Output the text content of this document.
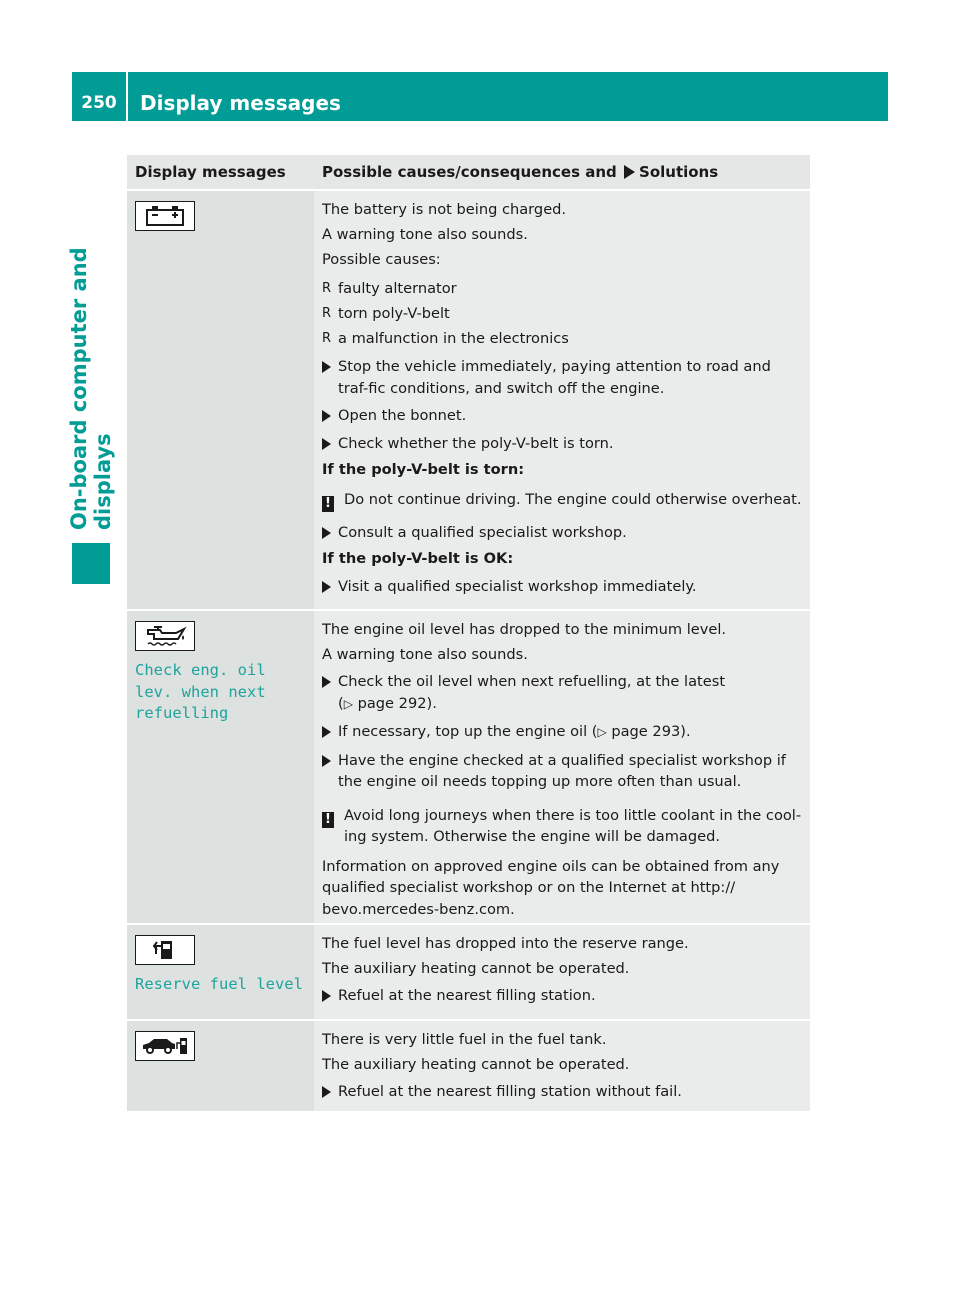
250	Display messages
On-board computer and displays
Display messages	Possible causes/consequences and Solutions

The battery is not being charged.

A warning tone also sounds.

Possible causes:

R faulty alternator
R torn poly-V-belt
R a malfunction in the electronics
Stop the vehicle immediately, paying attention to road and traf-fic conditions, and switch off the engine.
Open the bonnet.
Check whether the poly-V-belt is torn.

If the poly-V-belt is torn:

! Do not continue driving. The engine could otherwise overheat.
Consult a qualified specialist workshop.

If the poly-V-belt is OK:

Visit a qualified specialist workshop immediately.
Check eng. oil
lev. when next
refuelling

The engine oil level has dropped to the minimum level.

A warning tone also sounds.

Check the oil level when next refuelling, at the latest
(▷ page 292).
If necessary, top up the engine oil (▷ page 293).
Have the engine checked at a qualified specialist workshop if the engine oil needs topping up more often than usual.
! Avoid long journeys when there is too little coolant in the cool-ing system. Otherwise the engine will be damaged.

Information on approved engine oils can be obtained from any qualified specialist workshop or on the Internet at http:// bevo.mercedes-benz.com.

Reserve fuel level

The fuel level has dropped into the reserve range.

The auxiliary heating cannot be operated.

Refuel at the nearest filling station.

There is very little fuel in the fuel tank.

The auxiliary heating cannot be operated.

Refuel at the nearest filling station without fail.
